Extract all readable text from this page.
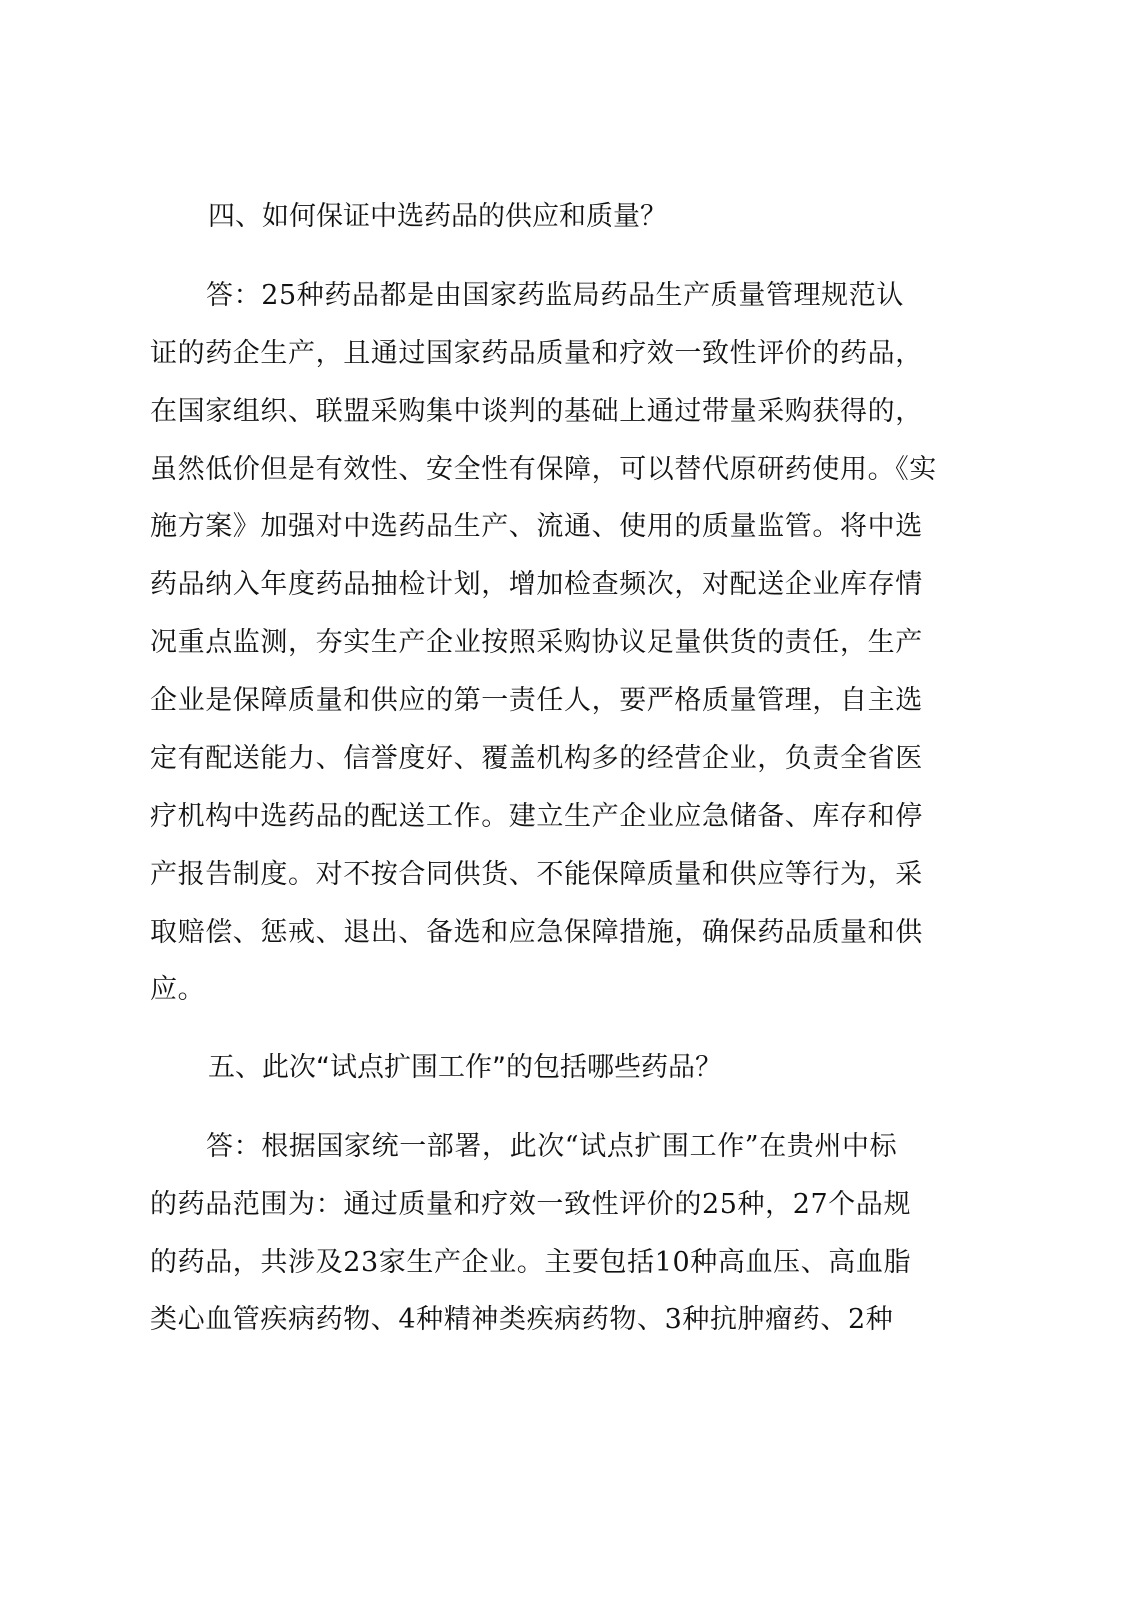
四、如何保证中选药品的供应和质量？
答：25种药品都是由国家药监局药品生产质量管理规范认
证的药企生产，且通过国家药品质量和疗效一致性评价的药品，
在国家组织、联盟采购集中谈判的基础上通过带量采购获得的，
虽然低价但是有效性、安全性有保障，可以替代原研药使用。《实
施方案》加强对中选药品生产、流通、使用的质量监管。将中选
药品纳入年度药品抽检计划，增加检查频次，对配送企业库存情
况重点监测，夯实生产企业按照采购协议足量供货的责任，生产
企业是保障质量和供应的第一责任人，要严格质量管理，自主选
定有配送能力、信誉度好、覆盖机构多的经营企业，负责全省医
疗机构中选药品的配送工作。建立生产企业应急储备、库存和停
产报告制度。对不按合同供货、不能保障质量和供应等行为，采
取赔偿、惩戒、退出、备选和应急保障措施，确保药品质量和供
应。
五、此次“试点扩围工作”的包括哪些药品？
答：根据国家统一部署，此次“试点扩围工作”在贵州中标
的药品范围为：通过质量和疗效一致性评价的25种，27个品规
的药品，共涉及23家生产企业。主要包括10种高血压、高血脂
类心血管疾病药物、4种精神类疾病药物、3种抗肿瘤药、2种
